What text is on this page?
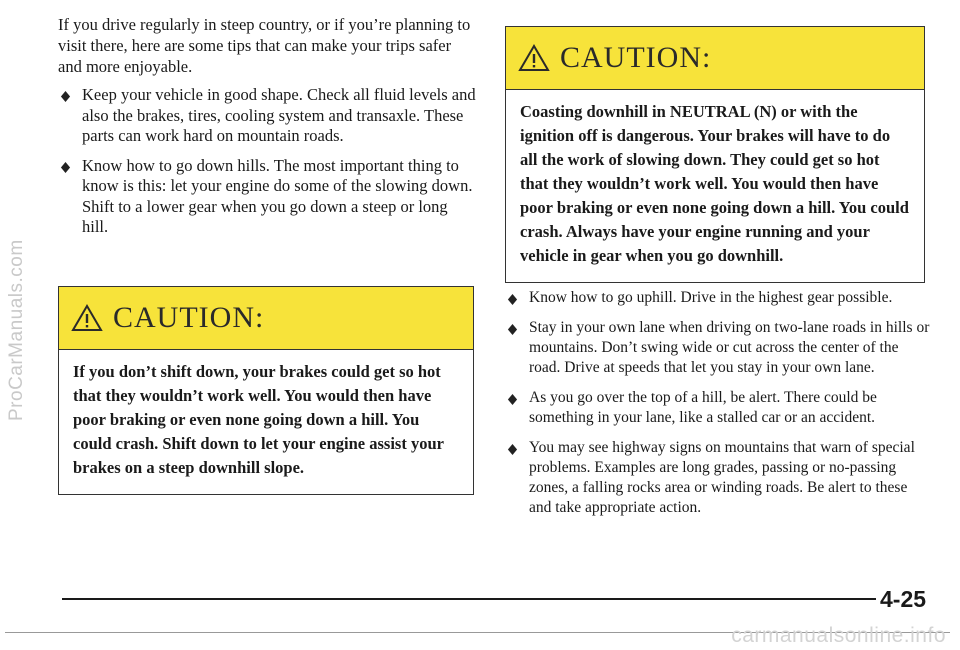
ProCarManuals.com

If you drive regularly in steep country, or if you’re planning to visit there, here are some tips that can make your trips safer and more enjoyable.

Keep your vehicle in good shape. Check all fluid levels and also the brakes, tires, cooling system and transaxle. These parts can work hard on mountain roads.
Know how to go down hills. The most important thing to know is this: let your engine do some of the slowing down. Shift to a lower gear when you go down a steep or long hill.
CAUTION:
If you don’t shift down, your brakes could get so hot that they wouldn’t work well. You would then have poor braking or even none going down a hill. You could crash. Shift down to let your engine assist your brakes on a steep downhill slope.
CAUTION:
Coasting downhill in NEUTRAL (N) or with the ignition off is dangerous. Your brakes will have to do all the work of slowing down. They could get so hot that they wouldn’t work well. You would then have poor braking or even none going down a hill. You could crash. Always have your engine running and your vehicle in gear when you go downhill.
Know how to go uphill. Drive in the highest gear possible.
Stay in your own lane when driving on two-lane roads in hills or mountains. Don’t swing wide or cut across the center of the road. Drive at speeds that let you stay in your own lane.
As you go over the top of a hill, be alert. There could be something in your lane, like a stalled car or an accident.
You may see highway signs on mountains that warn of special problems. Examples are long grades, passing or no-passing zones, a falling rocks area or winding roads. Be alert to these and take appropriate action.
4-25
carmanualsonline.info
